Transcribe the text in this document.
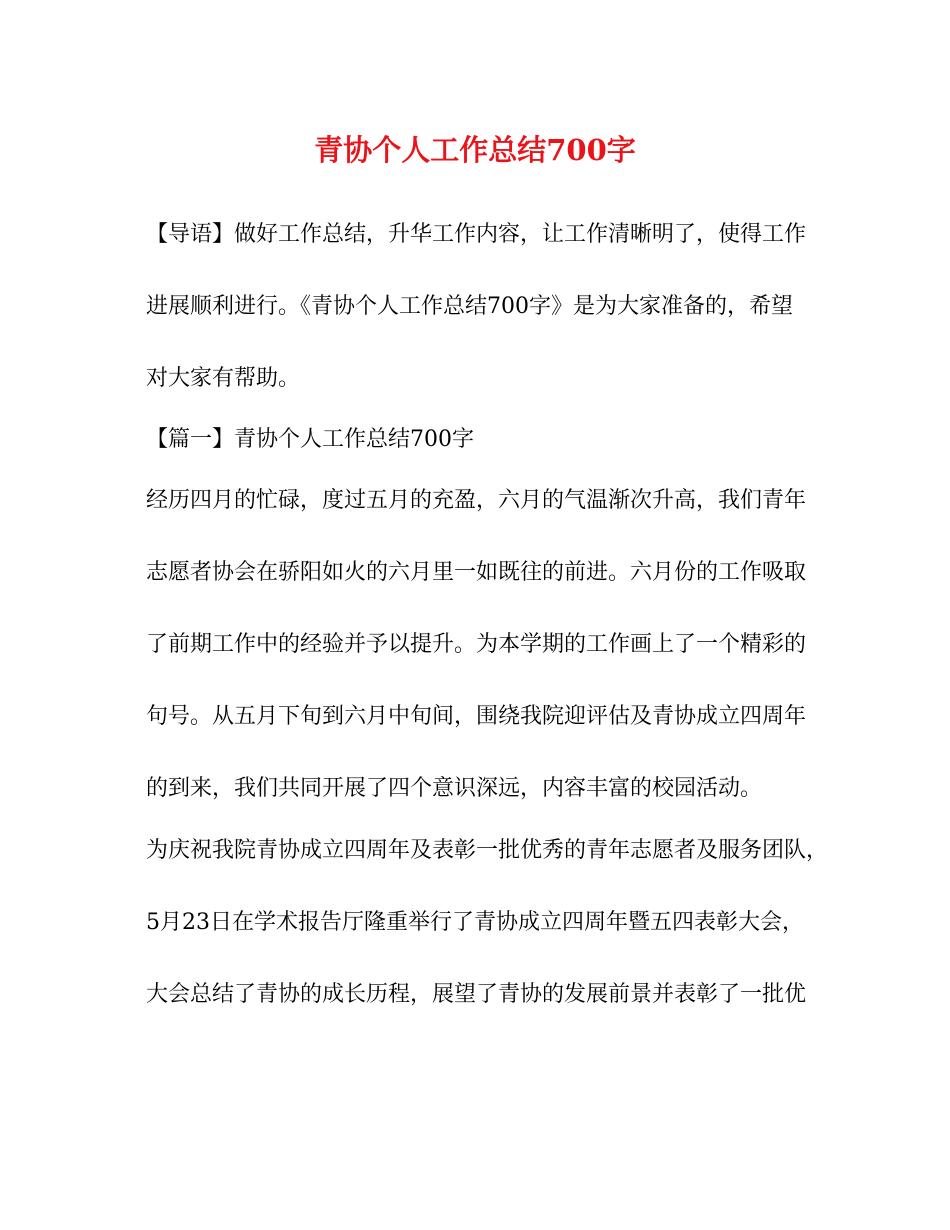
青协个人工作总结700字
【导语】做好工作总结，升华工作内容，让工作清晰明了，使得工作
进展顺利进行。《青协个人工作总结700字》是为大家准备的，希望
对大家有帮助。
【篇一】青协个人工作总结700字
经历四月的忙碌，度过五月的充盈，六月的气温渐次升高，我们青年
志愿者协会在骄阳如火的六月里一如既往的前进。六月份的工作吸取
了前期工作中的经验并予以提升。为本学期的工作画上了一个精彩的
句号。从五月下旬到六月中旬间，围绕我院迎评估及青协成立四周年
的到来，我们共同开展了四个意识深远，内容丰富的校园活动。
为庆祝我院青协成立四周年及表彰一批优秀的青年志愿者及服务团队，
5月23日在学术报告厅隆重举行了青协成立四周年暨五四表彰大会，
大会总结了青协的成长历程，展望了青协的发展前景并表彰了一批优
